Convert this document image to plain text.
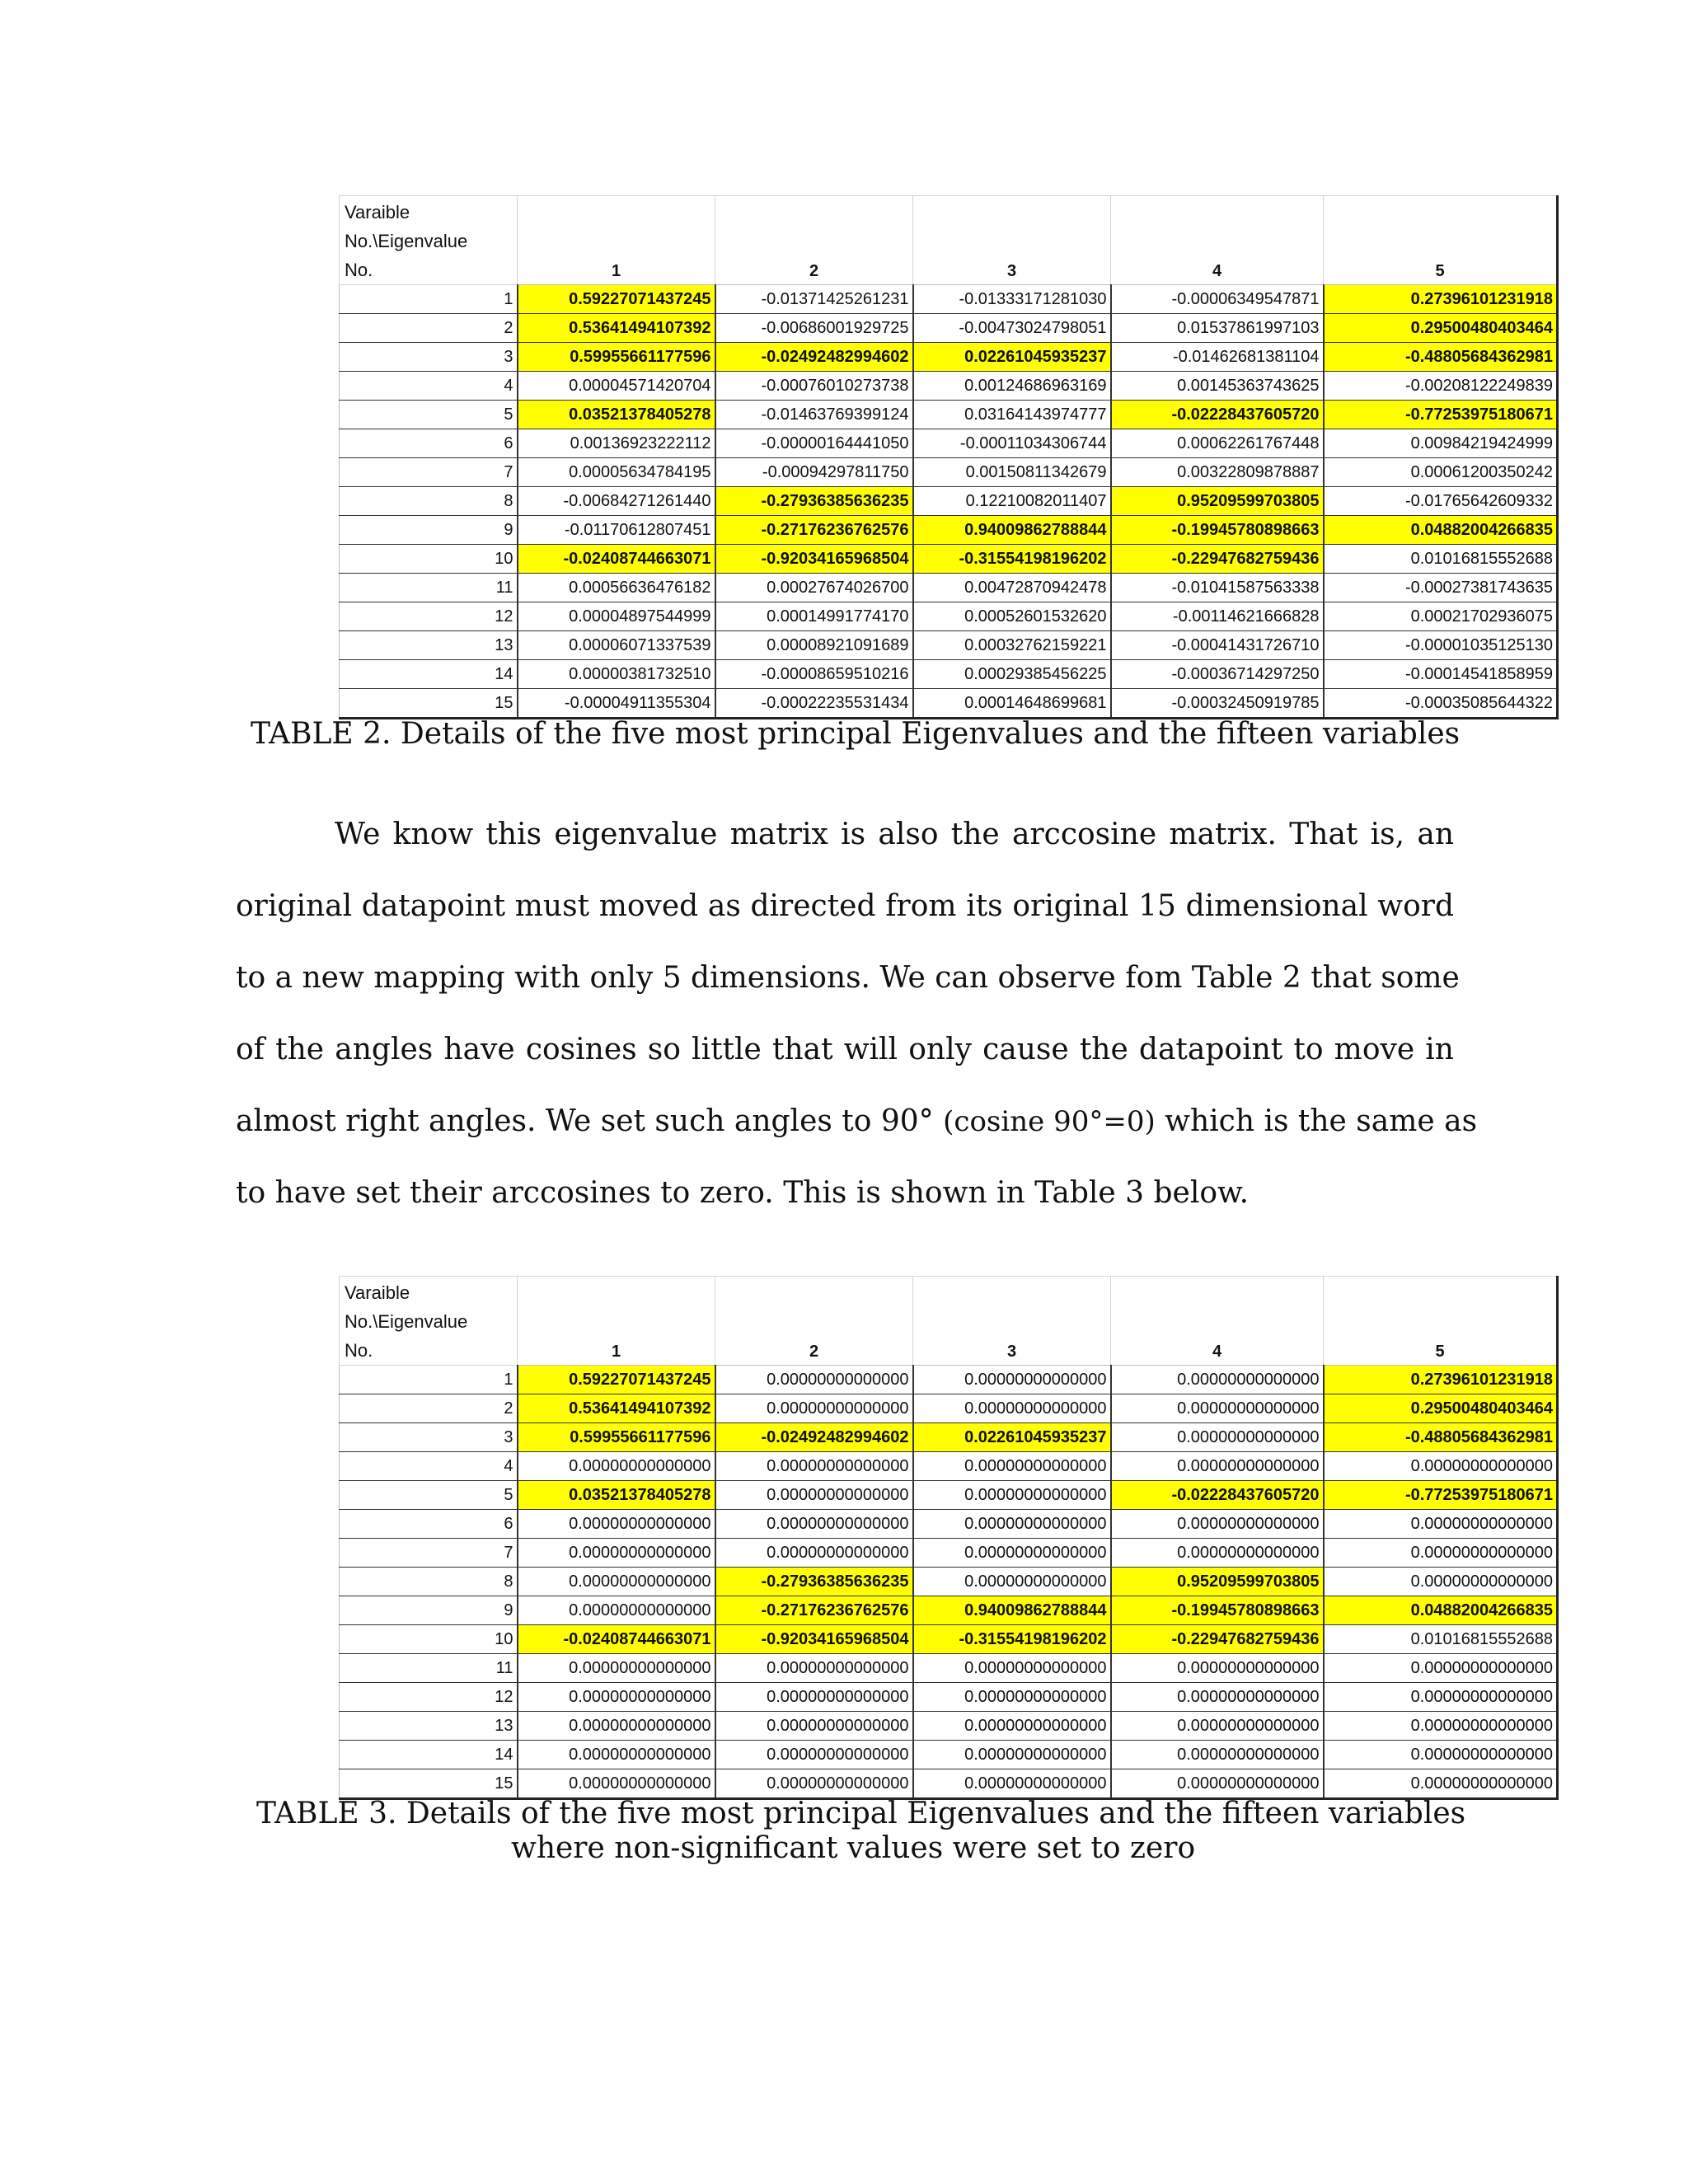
Varaible
No.\Eigenvalue
No.	1	2	3	4	5
1	0.59227071437245	-0.01371425261231	-0.01333171281030	-0.00006349547871	0.27396101231918
2	0.53641494107392	-0.00686001929725	-0.00473024798051	0.01537861997103	0.29500480403464
3	0.59955661177596	-0.02492482994602	0.02261045935237	-0.01462681381104	-0.48805684362981
4	0.00004571420704	-0.00076010273738	0.00124686963169	0.00145363743625	-0.00208122249839
5	0.03521378405278	-0.01463769399124	0.03164143974777	-0.02228437605720	-0.77253975180671
6	0.00136923222112	-0.00000164441050	-0.00011034306744	0.00062261767448	0.00984219424999
7	0.00005634784195	-0.00094297811750	0.00150811342679	0.00322809878887	0.00061200350242
8	-0.00684271261440	-0.27936385636235	0.12210082011407	0.95209599703805	-0.01765642609332
9	-0.01170612807451	-0.27176236762576	0.94009862788844	-0.19945780898663	0.04882004266835
10	-0.02408744663071	-0.92034165968504	-0.31554198196202	-0.22947682759436	0.01016815552688
11	0.00056636476182	0.00027674026700	0.00472870942478	-0.01041587563338	-0.00027381743635
12	0.00004897544999	0.00014991774170	0.00052601532620	-0.00114621666828	0.00021702936075
13	0.00006071337539	0.00008921091689	0.00032762159221	-0.00041431726710	-0.00001035125130
14	0.00000381732510	-0.00008659510216	0.00029385456225	-0.00036714297250	-0.00014541858959
15	-0.00004911355304	-0.00022235531434	0.00014648699681	-0.00032450919785	-0.00035085644322
TABLE 2. Details of the five most principal Eigenvalues and the fifteen variables
We know this eigenvalue matrix is also the arccosine matrix. That is, an
original datapoint must moved as directed from its original 15 dimensional word
to a new mapping with only 5 dimensions. We can observe fom Table 2 that some
of the angles have cosines so little that will only cause the datapoint to move in
almost right angles. We set such angles to 90° (cosine 90°=0) which is the same as
to have set their arccosines to zero. This is shown in Table 3 below.
Varaible
No.\Eigenvalue
No.	1	2	3	4	5
1	0.59227071437245	0.00000000000000	0.00000000000000	0.00000000000000	0.27396101231918
2	0.53641494107392	0.00000000000000	0.00000000000000	0.00000000000000	0.29500480403464
3	0.59955661177596	-0.02492482994602	0.02261045935237	0.00000000000000	-0.48805684362981
4	0.00000000000000	0.00000000000000	0.00000000000000	0.00000000000000	0.00000000000000
5	0.03521378405278	0.00000000000000	0.00000000000000	-0.02228437605720	-0.77253975180671
6	0.00000000000000	0.00000000000000	0.00000000000000	0.00000000000000	0.00000000000000
7	0.00000000000000	0.00000000000000	0.00000000000000	0.00000000000000	0.00000000000000
8	0.00000000000000	-0.27936385636235	0.00000000000000	0.95209599703805	0.00000000000000
9	0.00000000000000	-0.27176236762576	0.94009862788844	-0.19945780898663	0.04882004266835
10	-0.02408744663071	-0.92034165968504	-0.31554198196202	-0.22947682759436	0.01016815552688
11	0.00000000000000	0.00000000000000	0.00000000000000	0.00000000000000	0.00000000000000
12	0.00000000000000	0.00000000000000	0.00000000000000	0.00000000000000	0.00000000000000
13	0.00000000000000	0.00000000000000	0.00000000000000	0.00000000000000	0.00000000000000
14	0.00000000000000	0.00000000000000	0.00000000000000	0.00000000000000	0.00000000000000
15	0.00000000000000	0.00000000000000	0.00000000000000	0.00000000000000	0.00000000000000
TABLE 3. Details of the five most principal Eigenvalues and the fifteen variables
where non-significant values were set to zero
